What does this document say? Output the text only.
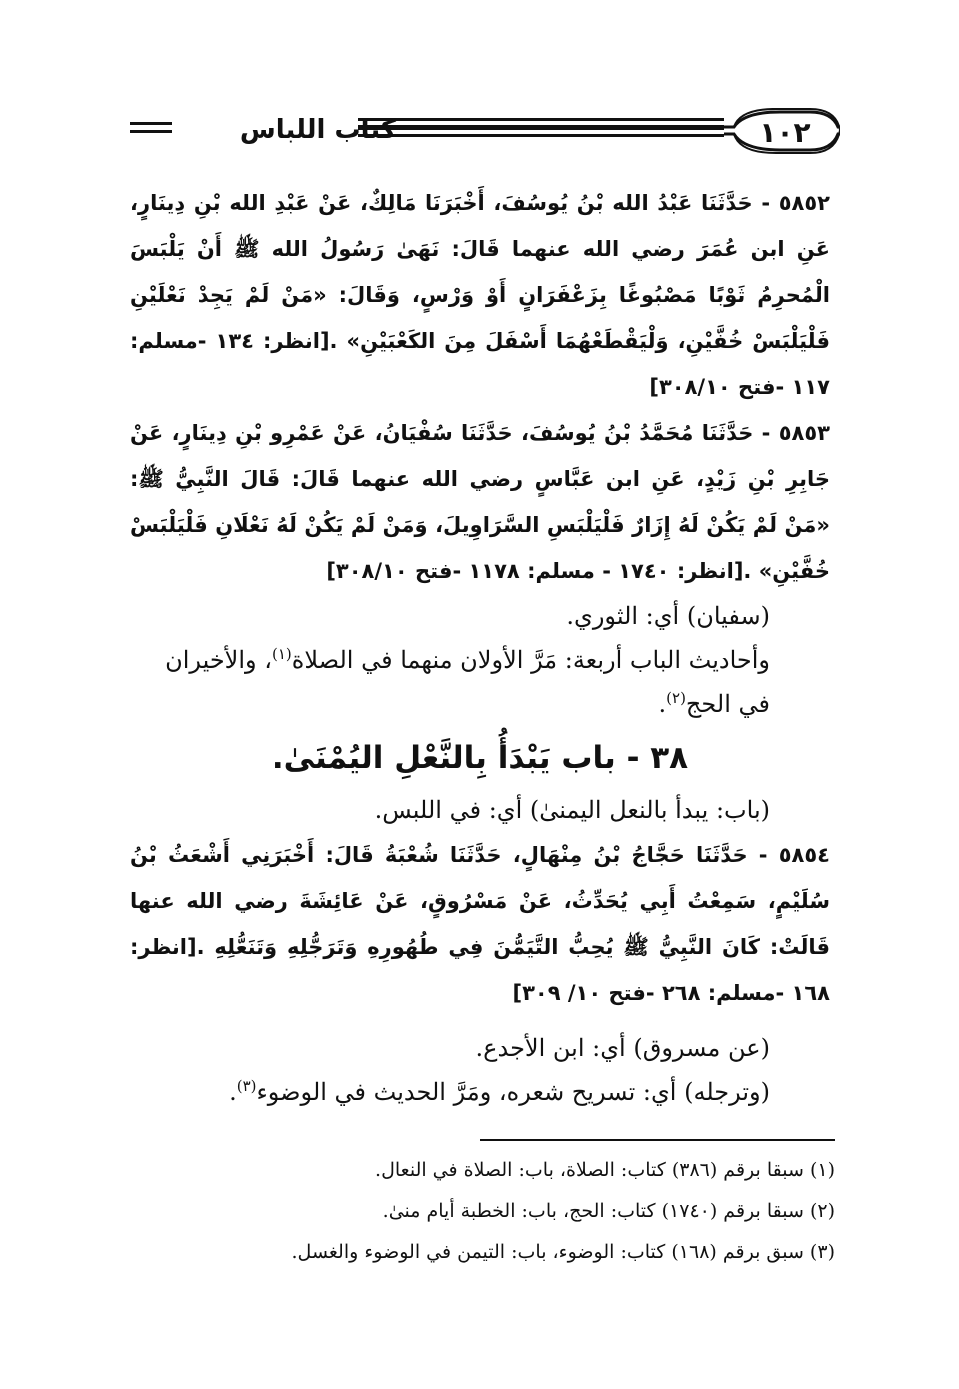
١٠٢
كتاب اللباس

٥٨٥٢ - حَدَّثَنَا عَبْدُ الله بْنُ يُوسُفَ، أَخْبَرَنَا مَالِكٌ، عَنْ عَبْدِ الله بْنِ دِينَارٍ، عَنِ ابن عُمَرَ رضي الله عنهما قَالَ: نَهَىٰ رَسُولُ الله ﷺ أَنْ يَلْبَسَ الْمُحرِمُ ثَوْبًا مَصْبُوغًا بِزَعْفَرَانٍ أَوْ وَرْسٍ، وَقَالَ: «مَنْ لَمْ يَجِدْ نَعْلَيْنِ فَلْيَلْبَسْ خُفَّيْنِ، وَلْيَقْطَعْهُمَا أَسْفَلَ مِنَ الكَعْبَيْنِ» .[انظر: ١٣٤ -مسلم: ١١٧ -فتح ٣٠٨/١٠]

٥٨٥٣ - حَدَّثَنَا مُحَمَّدُ بْنُ يُوسُفَ، حَدَّثَنَا سُفْيَانُ، عَنْ عَمْرِو بْنِ دِينَارٍ، عَنْ جَابِرِ بْنِ زَيْدٍ، عَنِ ابن عَبَّاسٍ رضي الله عنهما قَالَ: قَالَ النَّبِيُّ ﷺ: «مَنْ لَمْ يَكُنْ لَهُ إِزَارٌ فَلْيَلْبَسِ السَّرَاوِيلَ، وَمَنْ لَمْ يَكُنْ لَهُ نَعْلَانِ فَلْيَلْبَسْ خُفَّيْنِ» .[انظر: ١٧٤٠ - مسلم: ١١٧٨ -فتح ٣٠٨/١٠]

(سفيان) أي: الثوري.

وأحاديث الباب أربعة: مَرَّ الأولان منهما في الصلاة$^{(١)}$، والأخيران في الحج$^{(٢)}$.

٣٨ - باب يَبْدَأُ بِالنَّعْلِ اليُمْنَىٰ.

(باب: يبدأ بالنعل اليمنىٰ) أي: في اللبس.

٥٨٥٤ - حَدَّثَنَا حَجَّاجُ بْنُ مِنْهَالٍ، حَدَّثَنَا شُعْبَةُ قَالَ: أَخْبَرَنِي أَشْعَثُ بْنُ سُلَيْمٍ، سَمِعْتُ أَبِي يُحَدِّثُ، عَنْ مَسْرُوقٍ، عَنْ عَائِشَةَ رضي الله عنها قَالَتْ: كَانَ النَّبِيُّ ﷺ يُحِبُّ التَّيَمُّنَ فِي طُهُورِهِ وَتَرَجُّلِهِ وَتَنَعُّلِهِ .[انظر: ١٦٨ -مسلم: ٢٦٨ -فتح ١٠/ ٣٠٩]

(عن مسروق) أي: ابن الأجدع.

(وترجله) أي: تسريح شعره، ومَرَّ الحديث في الوضوء$^{(٣)}$.

(١) سبقا برقم (٣٨٦) كتاب: الصلاة، باب: الصلاة في النعال.

(٢) سبقا برقم (١٧٤٠) كتاب: الحج، باب: الخطبة أيام منىٰ.

(٣) سبق برقم (١٦٨) كتاب: الوضوء، باب: التيمن في الوضوء والغسل.
